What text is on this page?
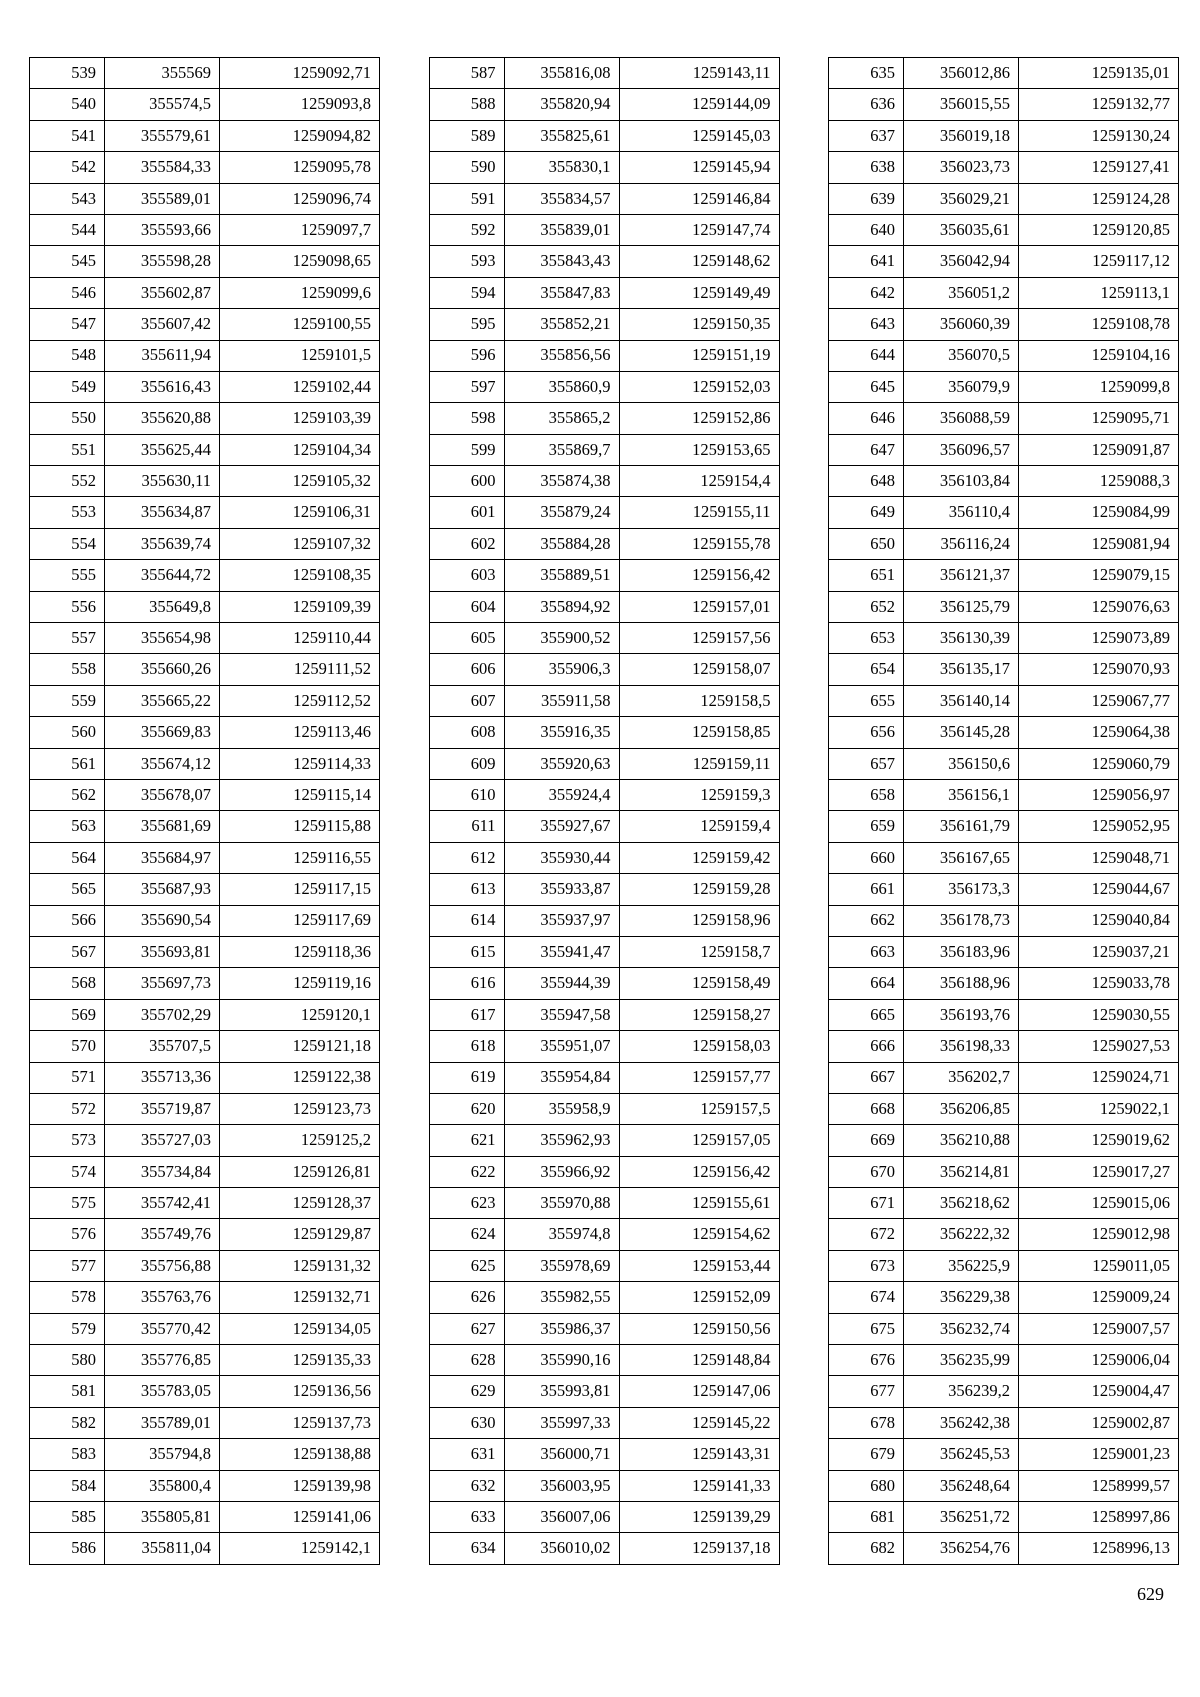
539	355569	1259092,71
540	355574,5	1259093,8
541	355579,61	1259094,82
542	355584,33	1259095,78
543	355589,01	1259096,74
544	355593,66	1259097,7
545	355598,28	1259098,65
546	355602,87	1259099,6
547	355607,42	1259100,55
548	355611,94	1259101,5
549	355616,43	1259102,44
550	355620,88	1259103,39
551	355625,44	1259104,34
552	355630,11	1259105,32
553	355634,87	1259106,31
554	355639,74	1259107,32
555	355644,72	1259108,35
556	355649,8	1259109,39
557	355654,98	1259110,44
558	355660,26	1259111,52
559	355665,22	1259112,52
560	355669,83	1259113,46
561	355674,12	1259114,33
562	355678,07	1259115,14
563	355681,69	1259115,88
564	355684,97	1259116,55
565	355687,93	1259117,15
566	355690,54	1259117,69
567	355693,81	1259118,36
568	355697,73	1259119,16
569	355702,29	1259120,1
570	355707,5	1259121,18
571	355713,36	1259122,38
572	355719,87	1259123,73
573	355727,03	1259125,2
574	355734,84	1259126,81
575	355742,41	1259128,37
576	355749,76	1259129,87
577	355756,88	1259131,32
578	355763,76	1259132,71
579	355770,42	1259134,05
580	355776,85	1259135,33
581	355783,05	1259136,56
582	355789,01	1259137,73
583	355794,8	1259138,88
584	355800,4	1259139,98
585	355805,81	1259141,06
586	355811,04	1259142,1
587	355816,08	1259143,11
588	355820,94	1259144,09
589	355825,61	1259145,03
590	355830,1	1259145,94
591	355834,57	1259146,84
592	355839,01	1259147,74
593	355843,43	1259148,62
594	355847,83	1259149,49
595	355852,21	1259150,35
596	355856,56	1259151,19
597	355860,9	1259152,03
598	355865,2	1259152,86
599	355869,7	1259153,65
600	355874,38	1259154,4
601	355879,24	1259155,11
602	355884,28	1259155,78
603	355889,51	1259156,42
604	355894,92	1259157,01
605	355900,52	1259157,56
606	355906,3	1259158,07
607	355911,58	1259158,5
608	355916,35	1259158,85
609	355920,63	1259159,11
610	355924,4	1259159,3
611	355927,67	1259159,4
612	355930,44	1259159,42
613	355933,87	1259159,28
614	355937,97	1259158,96
615	355941,47	1259158,7
616	355944,39	1259158,49
617	355947,58	1259158,27
618	355951,07	1259158,03
619	355954,84	1259157,77
620	355958,9	1259157,5
621	355962,93	1259157,05
622	355966,92	1259156,42
623	355970,88	1259155,61
624	355974,8	1259154,62
625	355978,69	1259153,44
626	355982,55	1259152,09
627	355986,37	1259150,56
628	355990,16	1259148,84
629	355993,81	1259147,06
630	355997,33	1259145,22
631	356000,71	1259143,31
632	356003,95	1259141,33
633	356007,06	1259139,29
634	356010,02	1259137,18
635	356012,86	1259135,01
636	356015,55	1259132,77
637	356019,18	1259130,24
638	356023,73	1259127,41
639	356029,21	1259124,28
640	356035,61	1259120,85
641	356042,94	1259117,12
642	356051,2	1259113,1
643	356060,39	1259108,78
644	356070,5	1259104,16
645	356079,9	1259099,8
646	356088,59	1259095,71
647	356096,57	1259091,87
648	356103,84	1259088,3
649	356110,4	1259084,99
650	356116,24	1259081,94
651	356121,37	1259079,15
652	356125,79	1259076,63
653	356130,39	1259073,89
654	356135,17	1259070,93
655	356140,14	1259067,77
656	356145,28	1259064,38
657	356150,6	1259060,79
658	356156,1	1259056,97
659	356161,79	1259052,95
660	356167,65	1259048,71
661	356173,3	1259044,67
662	356178,73	1259040,84
663	356183,96	1259037,21
664	356188,96	1259033,78
665	356193,76	1259030,55
666	356198,33	1259027,53
667	356202,7	1259024,71
668	356206,85	1259022,1
669	356210,88	1259019,62
670	356214,81	1259017,27
671	356218,62	1259015,06
672	356222,32	1259012,98
673	356225,9	1259011,05
674	356229,38	1259009,24
675	356232,74	1259007,57
676	356235,99	1259006,04
677	356239,2	1259004,47
678	356242,38	1259002,87
679	356245,53	1259001,23
680	356248,64	1258999,57
681	356251,72	1258997,86
682	356254,76	1258996,13
629
